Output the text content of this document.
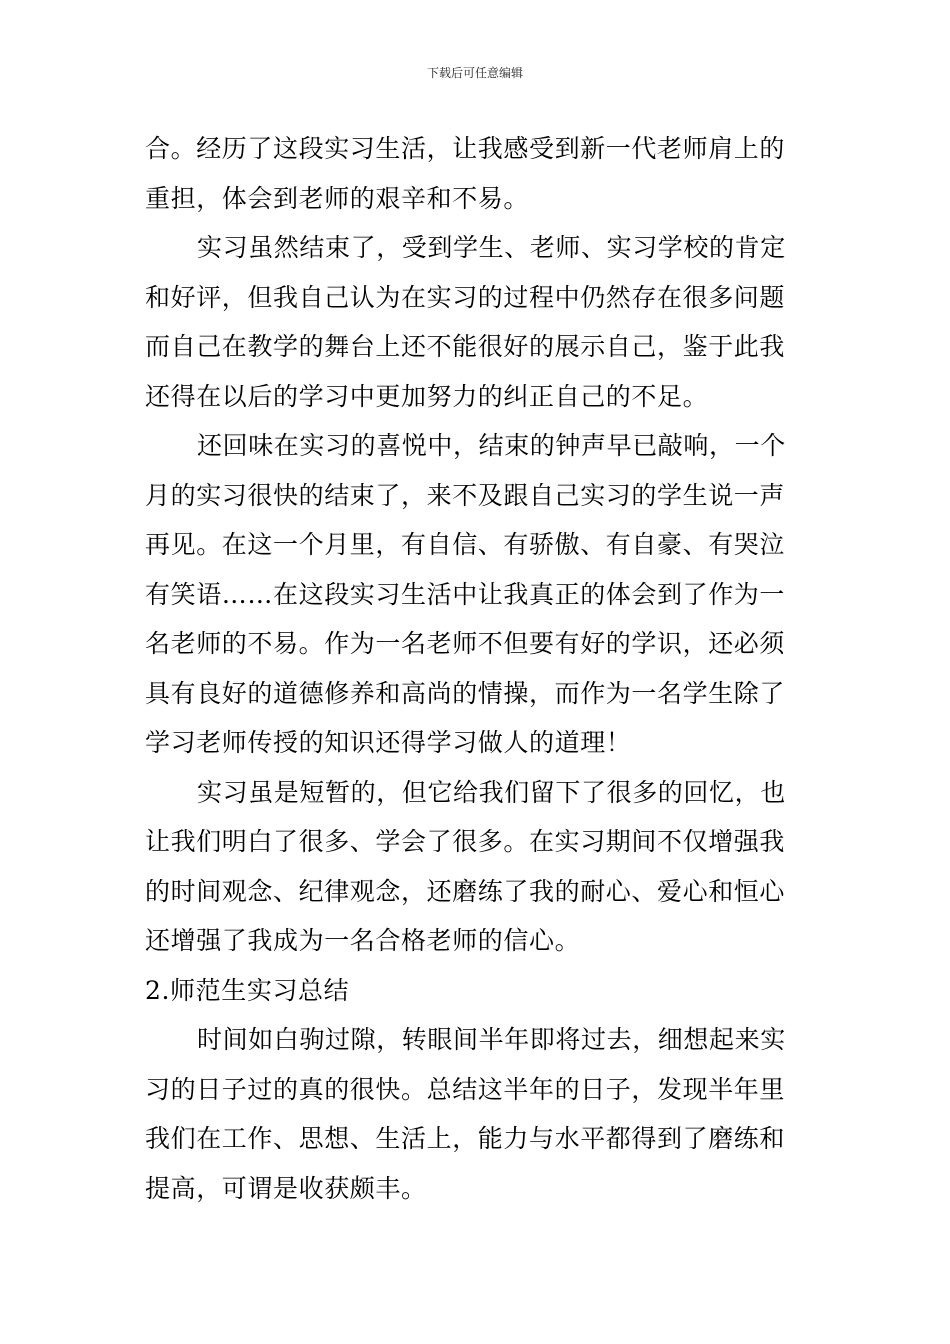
下载后可任意编辑
合。经历了这段实习生活，让我感受到新一代老师肩上的
重担，体会到老师的艰辛和不易。
实习虽然结束了，受到学生、老师、实习学校的肯定
和好评，但我自己认为在实习的过程中仍然存在很多问题
而自己在教学的舞台上还不能很好的展示自己，鉴于此我
还得在以后的学习中更加努力的纠正自己的不足。
还回味在实习的喜悦中，结束的钟声早已敲响，一个
月的实习很快的结束了，来不及跟自己实习的学生说一声
再见。在这一个月里，有自信、有骄傲、有自豪、有哭泣
有笑语……在这段实习生活中让我真正的体会到了作为一
名老师的不易。作为一名老师不但要有好的学识，还必须
具有良好的道德修养和高尚的情操，而作为一名学生除了
学习老师传授的知识还得学习做人的道理！
实习虽是短暂的，但它给我们留下了很多的回忆，也
让我们明白了很多、学会了很多。在实习期间不仅增强我
的时间观念、纪律观念，还磨练了我的耐心、爱心和恒心
还增强了我成为一名合格老师的信心。
2.师范生实习总结
时间如白驹过隙，转眼间半年即将过去，细想起来实
习的日子过的真的很快。总结这半年的日子，发现半年里
我们在工作、思想、生活上，能力与水平都得到了磨练和
提高，可谓是收获颇丰。
